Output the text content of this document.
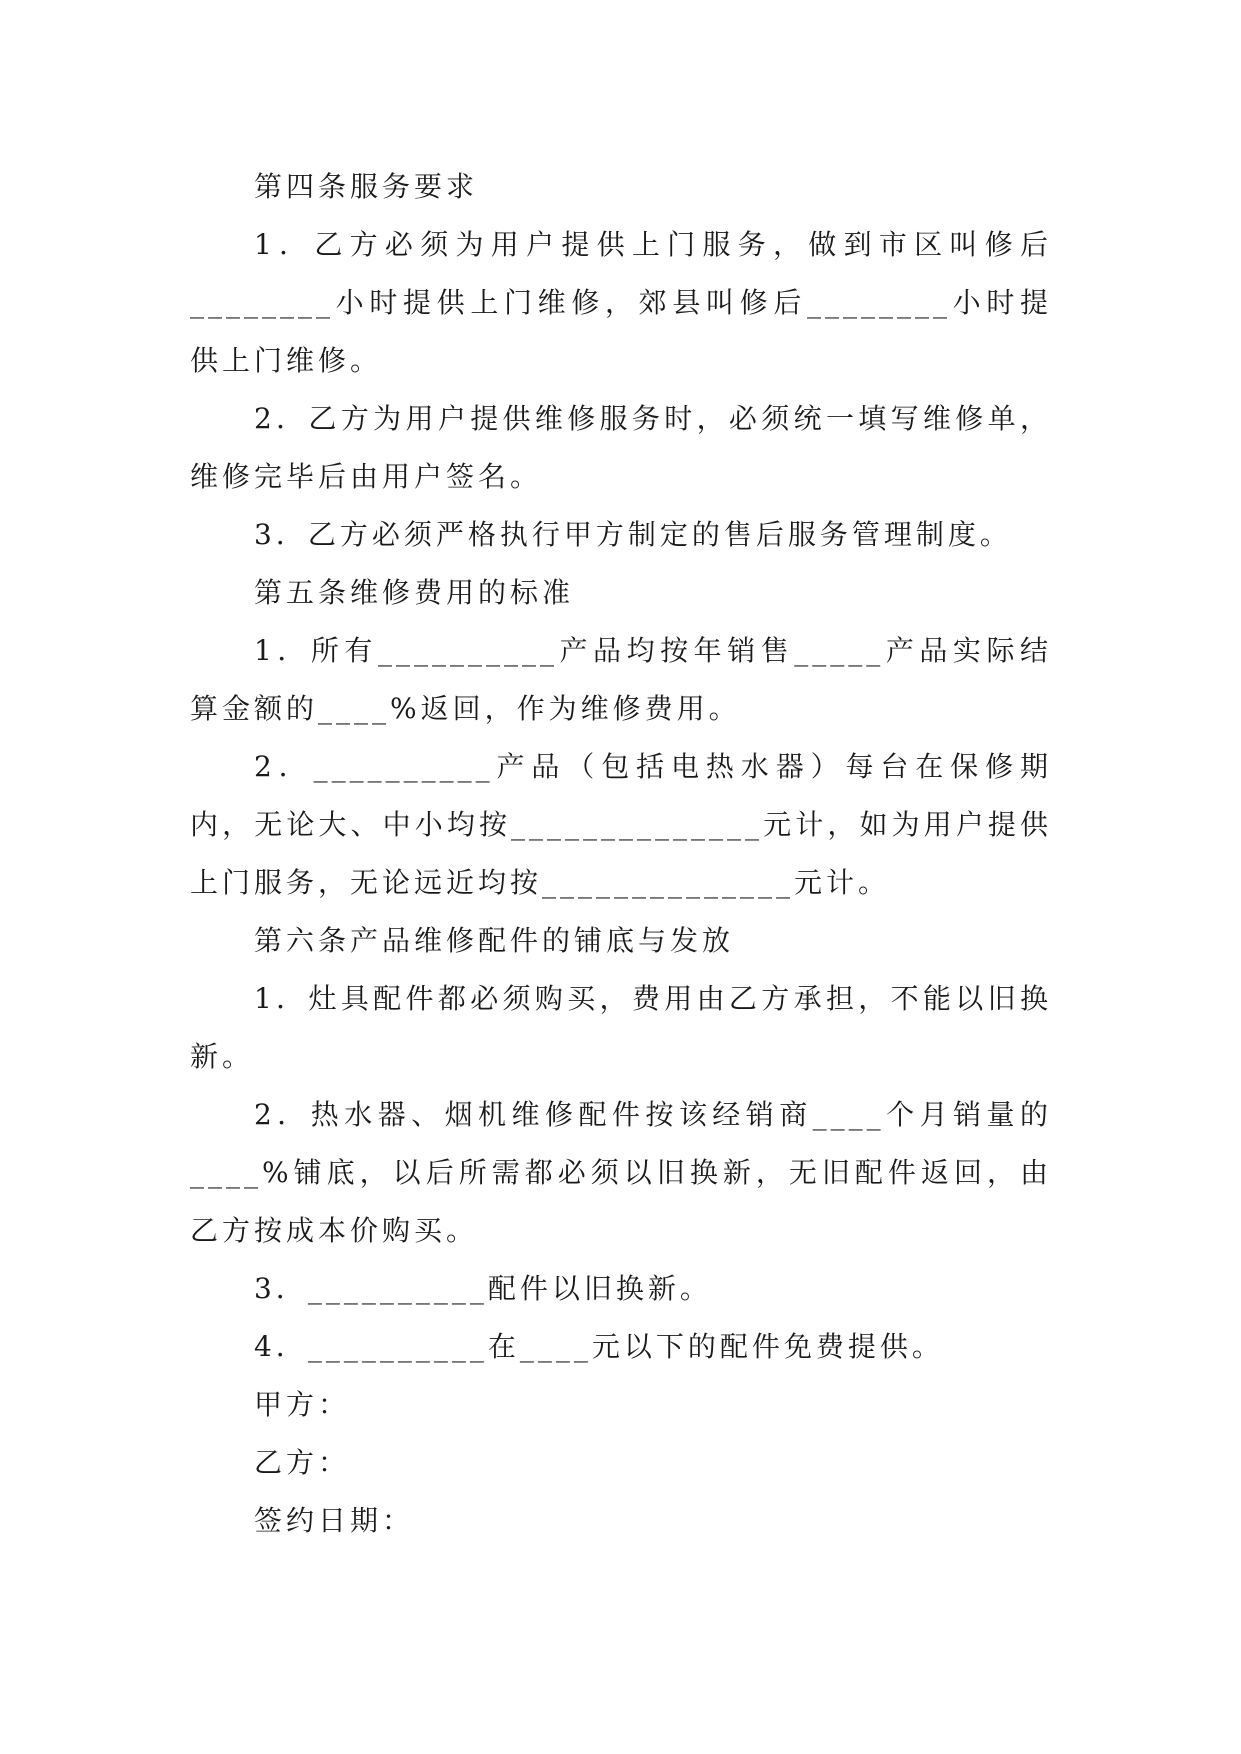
第四条服务要求

1．乙方必须为用户提供上门服务，做到市区叫修后________小时提供上门维修，郊县叫修后________小时提供上门维修。

2．乙方为用户提供维修服务时，必须统一填写维修单，维修完毕后由用户签名。

3．乙方必须严格执行甲方制定的售后服务管理制度。

第五条维修费用的标准

1．所有__________产品均按年销售_____产品实际结算金额的____%返回，作为维修费用。

2．__________产品（包括电热水器）每台在保修期内，无论大、中小均按______________元计，如为用户提供上门服务，无论远近均按______________元计。

第六条产品维修配件的铺底与发放

1．灶具配件都必须购买，费用由乙方承担，不能以旧换新。

2．热水器、烟机维修配件按该经销商____个月销量的____%铺底，以后所需都必须以旧换新，无旧配件返回，由乙方按成本价购买。

3．__________配件以旧换新。

4．__________在____元以下的配件免费提供。

甲方：

乙方：

签约日期：
